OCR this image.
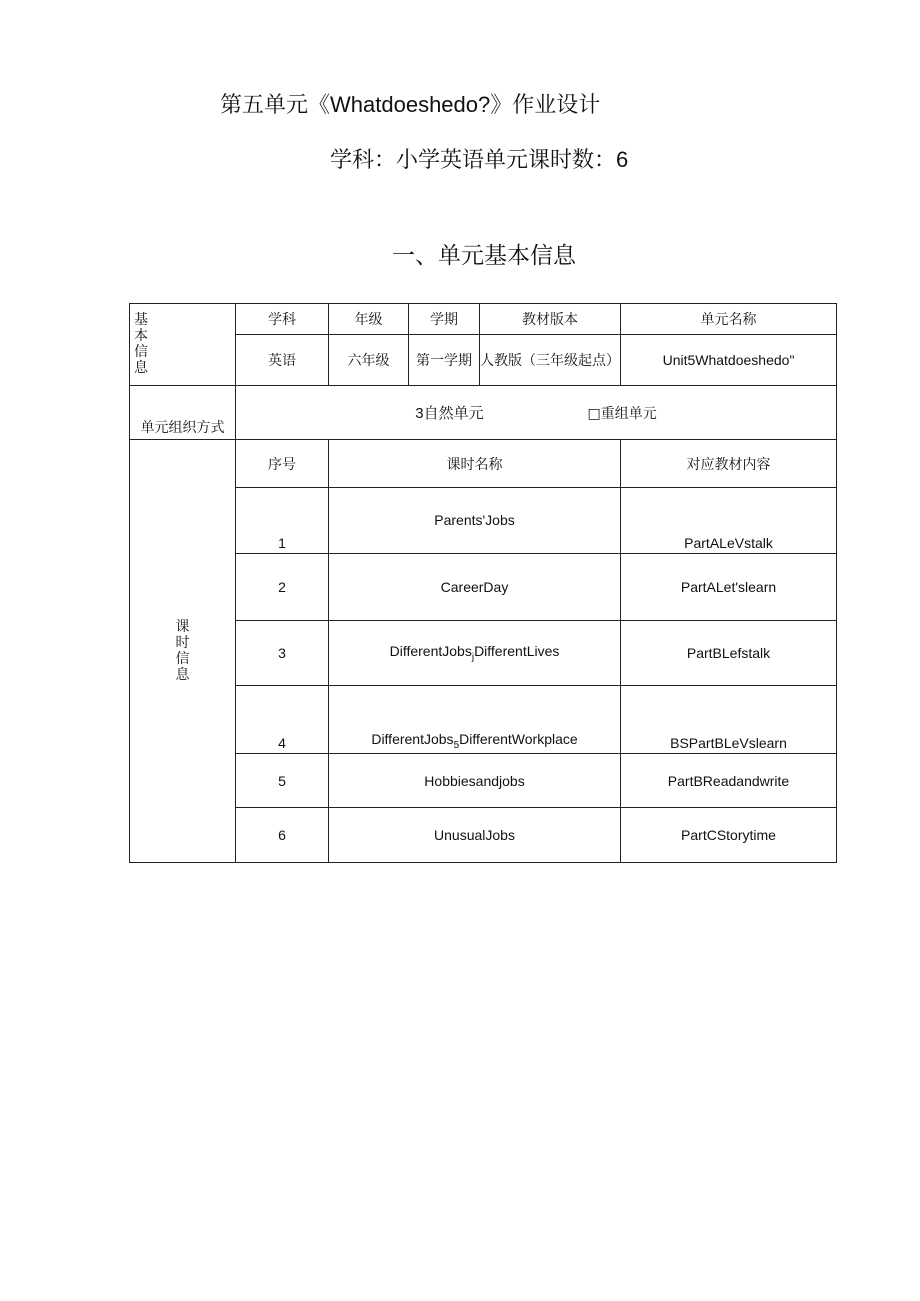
第五单元《Whatdoeshedo?》作业设计
学科：小学英语单元课时数：6
一、单元基本信息
基本信息	学科	年级	学期	教材版本	单元名称
	英语	六年级	第一学期	人教版（三年级起点）	Unit5Whatdoeshedo"
单元组织方式	3自然单元 □重组单元				
课时信息	序号	课时名称			对应教材内容
	1	Parents'Jobs			PartALeVstalk
	2	CareerDay			PartALet'slearn
	3	DifferentJobs$_j$DifferentLives			PartBLefstalk
	4	DifferentJobs$_5$DifferentWorkplace			BSPartBLeVslearn
	5	Hobbiesandjobs			PartBReadandwrite
	6	UnusualJobs			PartCStorytime
